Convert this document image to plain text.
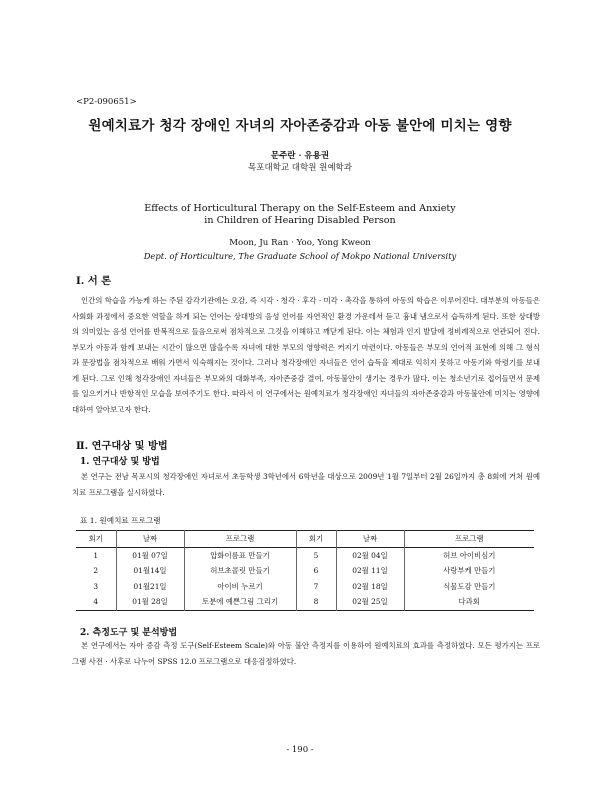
<P2-090651>
원예치료가 청각 장애인 자녀의 자아존중감과 아동 불안에 미치는 영향
문주란 · 유용권
목포대학교 대학원 원예학과
Effects of Horticultural Therapy on the Self-Esteem and Anxiety
in Children of Hearing Disabled Person
Moon, Ju Ran · Yoo, Yong Kweon
Dept. of Horticulture, The Graduate School of Mokpo National University
Ⅰ. 서 론

인간의 학습을 가능케 하는 주된 감각기관에는 오감, 즉 시각 · 청각 · 후각 · 미각 · 촉각을 통하여 아동의 학습은 이루어진다. 대부분의 아동들은 사회화 과정에서 중요한 역할을 하게 되는 언어는 상대방의 음성 언어를 자연적인 환경 가운데서 듣고 흉내 냄으로서 습득하게 된다. 또한 상대방의 의미있는 음성 언어를 반복적으로 들음으로써 점차적으로 그것을 이해하고 깨닫게 된다. 이는 체험과 인지 발달에 정비례적으로 연관되어 진다. 부모가 아동과 함께 보내는 시간이 많으면 많을수록 자녀에 대한 부모의 영향력은 커지기 마련이다. 아동들은 부모의 언어적 표현에 의해 그 형식과 문장법을 점차적으로 배워 가면서 익숙해지는 것이다. 그러나 청각장애인 자녀들은 언어 습득을 제대로 익히지 못하고 아동기와 학령기를 보내게 된다. 그로 인해 청각장애인 자녀들은 부모와의 대화부족, 자아존중감 결여, 아동불안이 생기는 경우가 많다. 이는 청소년기로 접어들면서 문제를 일으키거나 반항적인 모습을 보여주기도 한다. 따라서 이 연구에서는 원예치료가 청각장애인 자녀들의 자아존중감과 아동불안에 미치는 영향에 대하여 알아보고자 한다.

Ⅱ. 연구대상 및 방법
1. 연구대상 및 방법

본 연구는 전남 목포시의 청각장애인 자녀로서 초등학생 3학년에서 6학년을 대상으로 2009년 1월 7일부터 2월 26일까지 총 8회에 거쳐 원예치료 프로그램을 실시하였다.

표 1. 원예치료 프로그램
회기	날짜	프로그램	회기	날짜	프로그램
1	01월 07일	압화이름표 만들기	5	02월 04일	허브 아이비심기
2	01월14일	허브초콜릿 만들기	6	02월 11일	사랑부케 만들기
3	01월21일	아이비 누르기	7	02월 18일	식물도감 만들기
4	01월 28일	토분에 예쁜그림 그리기	8	02월 25일	다과회
2. 측정도구 및 분석방법

본 연구에서는 자아 증감 측정 도구(Self-Esteem Scale)와 아동 불안 측정지를 이용하여 원예치료의 효과를 측정하였다. 모든 평가지는 프로그램 사전 · 사후로 나누어 SPSS 12.0 프로그램으로 대응검정하였다.

- 190 -
